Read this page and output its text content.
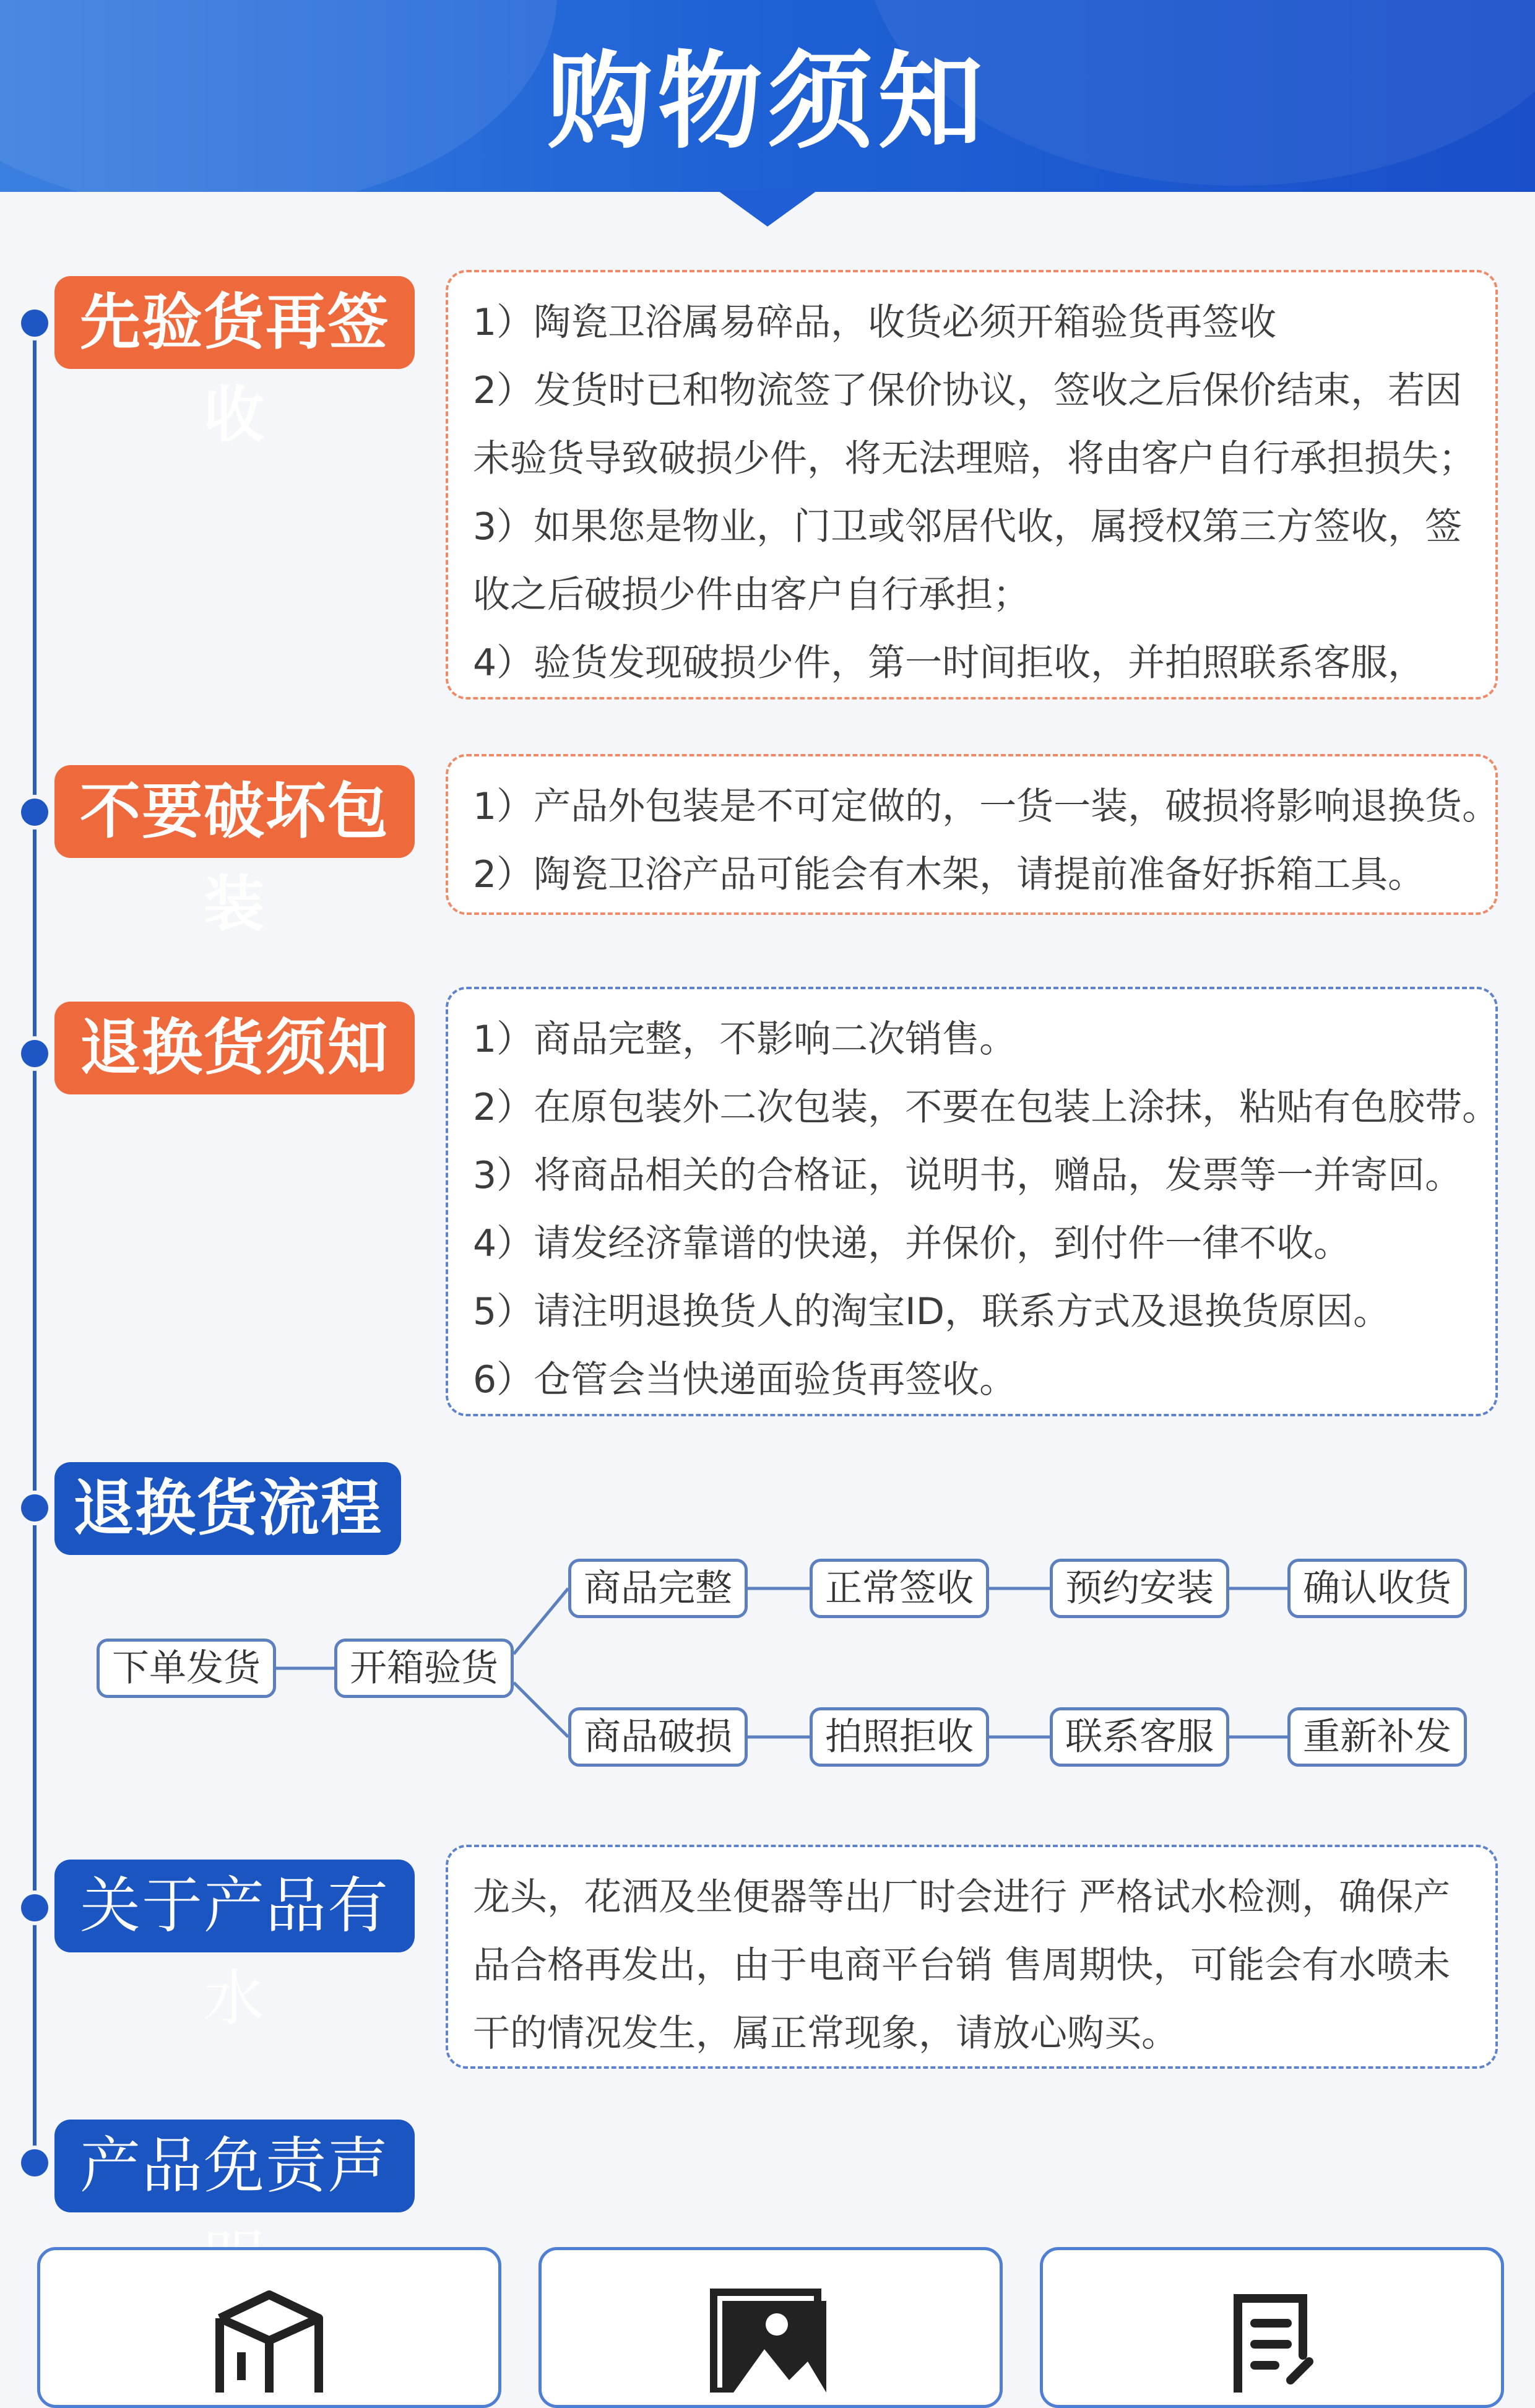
购物须知
先验货再签收
1）陶瓷卫浴属易碎品，收货必须开箱验货再签收
2）发货时已和物流签了保价协议，签收之后保价结束，若因
未验货导致破损少件，将无法理赔，将由客户自行承担损失；
3）如果您是物业，门卫或邻居代收，属授权第三方签收，签
收之后破损少件由客户自行承担；
4）验货发现破损少件，第一时间拒收，并拍照联系客服，
不要破坏包装
1）产品外包装是不可定做的，一货一装，破损将影响退换货。
2）陶瓷卫浴产品可能会有木架，请提前准备好拆箱工具。
退换货须知	1）商品完整，不影响二次销售。
2）在原包装外二次包装，不要在包装上涂抹，粘贴有色胶带。
3）将商品相关的合格证，说明书，赠品，发票等一并寄回。
4）请发经济靠谱的快递，并保价，到付件一律不收。
5）请注明退换货人的淘宝ID，联系方式及退换货原因。
6）仓管会当快递面验货再签收。
退换货流程
下单发货	开箱验货
商品完整	正常签收	预约安装	确认收货
商品破损	拍照拒收	联系客服	重新补发
关于产品有水
龙头，花洒及坐便器等出厂时会进行 严格试水检测，确保产
品合格再发出，由于电商平台销 售周期快，可能会有水喷未
干的情况发生，属正常现象，请放心购买。
产品免责声
